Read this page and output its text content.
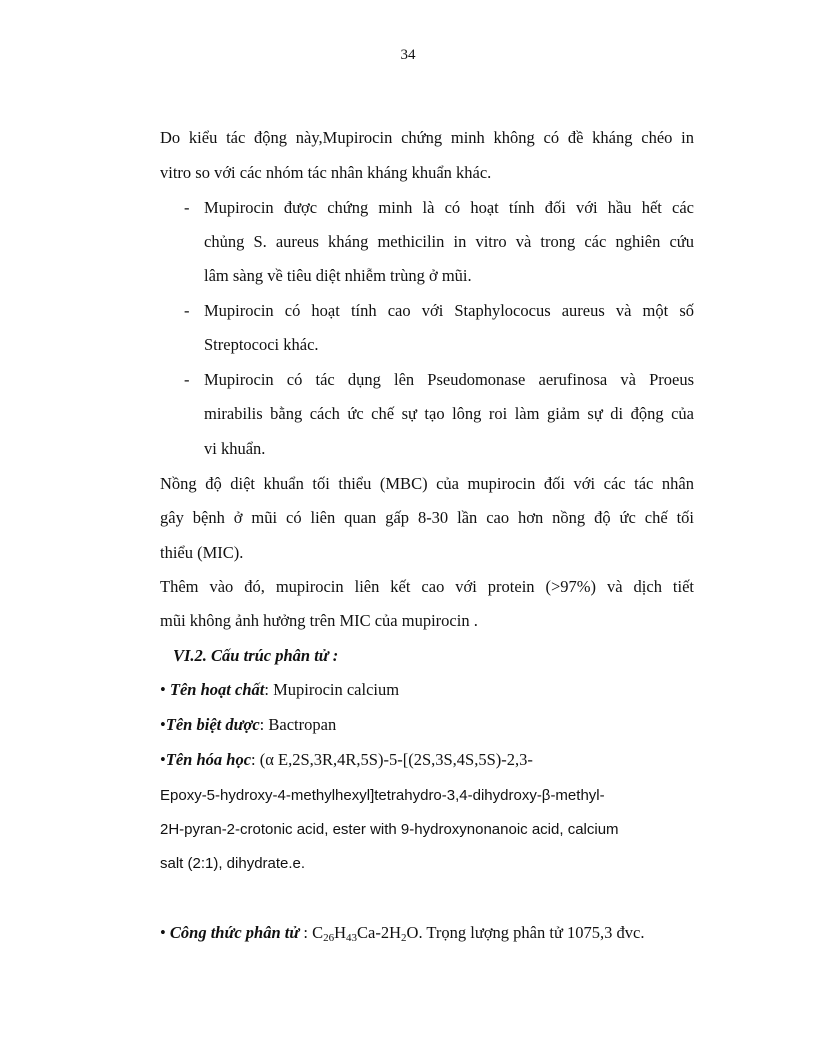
34
Do kiểu tác động này,Mupirocin chứng minh không có đề kháng chéo in
vitro so với các nhóm tác nhân kháng khuẩn khác.
- Mupirocin được chứng minh là có hoạt tính đối với hầu hết các
chủng S. aureus kháng methicilin in vitro và trong các nghiên cứu
lâm sàng về tiêu diệt nhiễm trùng ở mũi.
- Mupirocin có hoạt tính cao với Staphylococus aureus và một số
Streptococi khác.
- Mupirocin có tác dụng lên Pseudomonase aerufinosa và Proeus
mirabilis bằng cách ức chế sự tạo lông roi làm giảm sự di động của
vi khuẩn.
Nồng độ diệt khuẩn tối thiểu (MBC) của mupirocin đối với các tác nhân
gây bệnh ở mũi có liên quan gấp 8-30 lần cao hơn nồng độ ức chế tối
thiểu (MIC).
Thêm vào đó, mupirocin liên kết cao với protein (>97%) và dịch tiết
mũi không ảnh hưởng trên MIC của mupirocin .
VI.2. Cấu trúc phân tử :
• Tên hoạt chất: Mupirocin calcium
•Tên biệt dược: Bactropan
•Tên hóa học: (α E,2S,3R,4R,5S)-5-[(2S,3S,4S,5S)-2,3-
Epoxy-5-hydroxy-4-methylhexyl]tetrahydro-3,4-dihydroxy-β-methyl-
2H-pyran-2-crotonic acid, ester with 9-hydroxynonanoic acid, calcium
salt (2:1), dihydrate.e.
• Công thức phân tử : $C_{26}H_{43}Ca-2H_2O$. Trọng lượng phân tử 1075,3 đvc.
